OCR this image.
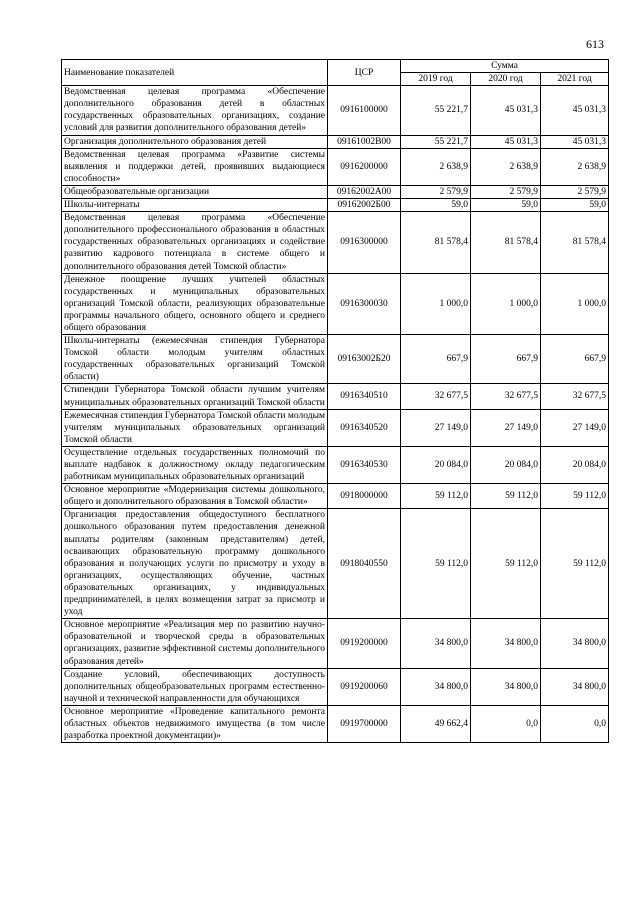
613
Наименование показателей	ЦСР	Сумма		
		2019 год	2020 год	2021 год
Ведомственная целевая программа «Обеспечение дополнительного образования детей в областных государственных образовательных организациях, создание условий для развития дополнительного образования детей»	0916100000	55 221,7	45 031,3	45 031,3
Организация дополнительного образования детей	09161002В00	55 221,7	45 031,3	45 031,3
Ведомственная целевая программа «Развитие системы выявления и поддержки детей, проявивших выдающиеся способности»	0916200000	2 638,9	2 638,9	2 638,9
Общеобразовательные организации	09162002А00	2 579,9	2 579,9	2 579,9
Школы-интернаты	09162002Б00	59,0	59,0	59,0
Ведомственная целевая программа «Обеспечение дополнительного профессионального образования в областных государственных образовательных организациях и содействие развитию кадрового потенциала в системе общего и дополнительного образования детей Томской области»	0916300000	81 578,4	81 578,4	81 578,4
Денежное поощрение лучших учителей областных государственных и муниципальных образовательных организаций Томской области, реализующих образовательные программы начального общего, основного общего и среднего общего образования	0916300030	1 000,0	1 000,0	1 000,0
Школы-интернаты (ежемесячная стипендия Губернатора Томской области молодым учителям областных государственных образовательных организаций Томской области)	09163002Б20	667,9	667,9	667,9
Стипендии Губернатора Томской области лучшим учителям муниципальных образовательных организаций Томской области	0916340510	32 677,5	32 677,5	32 677,5
Ежемесячная стипендия Губернатора Томской области молодым учителям муниципальных образовательных организаций Томской области	0916340520	27 149,0	27 149,0	27 149,0
Осуществление отдельных государственных полномочий по выплате надбавок к должностному окладу педагогическим работникам муниципальных образовательных организаций	0916340530	20 084,0	20 084,0	20 084,0
Основное мероприятие «Модернизация системы дошкольного, общего и дополнительного образования в Томской области»	0918000000	59 112,0	59 112,0	59 112,0
Организация предоставления общедоступного бесплатного дошкольного образования путем предоставления денежной выплаты родителям (законным представителям) детей, осваивающих образовательную программу дошкольного образования и получающих услуги по присмотру и уходу в организациях, осуществляющих обучение, частных образовательных организациях, у индивидуальных предпринимателей, в целях возмещения затрат за присмотр и уход	0918040550	59 112,0	59 112,0	59 112,0
Основное мероприятие «Реализация мер по развитию научно-образовательной и творческой среды в образовательных организациях, развитие эффективной системы дополнительного образования детей»	0919200000	34 800,0	34 800,0	34 800,0
Создание условий, обеспечивающих доступность дополнительных общеобразовательных программ естественно-научной и технической направленности для обучающихся	0919200060	34 800,0	34 800,0	34 800,0
Основное мероприятие «Проведение капитального ремонта областных объектов недвижимого имущества (в том числе разработка проектной документации)»	0919700000	49 662,4	0,0	0,0
